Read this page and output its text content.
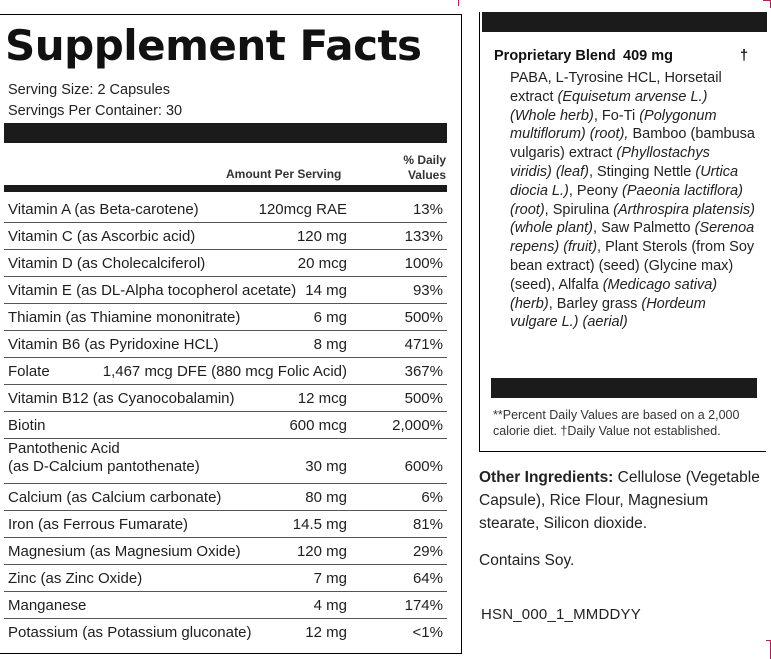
Supplement Facts
Serving Size: 2 Capsules
Servings Per Container: 30
Amount Per Serving
% Daily
Values
Vitamin A (as Beta-carotene)	120mcg RAE	13%
Vitamin C (as Ascorbic acid)	120 mg	133%
Vitamin D (as Cholecalciferol)	20 mcg	100%
Vitamin E (as DL-Alpha tocopherol acetate) 14 mg	93%
Thiamin (as Thiamine mononitrate)	6 mg	500%
Vitamin B6 (as Pyridoxine HCL)	8 mg	471%
Folate	1,467 mcg DFE (880 mcg Folic Acid)	367%
Vitamin B12 (as Cyanocobalamin)	12 mcg	500%
Biotin	600 mcg	2,000%
Pantothenic Acid
(as D-Calcium pantothenate)	30 mg	600%
Calcium (as Calcium carbonate)	80 mg	6%
Iron (as Ferrous Fumarate)	14.5 mg	81%
Magnesium (as Magnesium Oxide)	120 mg	29%
Zinc (as Zinc Oxide)	7 mg	64%
Manganese	4 mg	174%
Potassium (as Potassium gluconate)	12 mg	<1%
Proprietary Blend 409 mg	†
PABA, L-Tyrosine HCL, Horsetail extract (Equisetum arvense L.) (Whole herb), Fo-Ti (Polygonum multiflorum) (root), Bamboo (bambusa vulgaris) extract (Phyllostachys viridis) (leaf), Stinging Nettle (Urtica diocia L.), Peony (Paeonia lactiflora) (root), Spirulina (Arthrospira platensis) (whole plant), Saw Palmetto (Serenoa repens) (fruit), Plant Sterols (from Soy bean extract) (seed) (Glycine max) (seed), Alfalfa (Medicago sativa) (herb), Barley grass (Hordeum vulgare L.) (aerial)
**Percent Daily Values are based on a 2,000 calorie diet. †Daily Value not established.
Other Ingredients: Cellulose (Vegetable Capsule), Rice Flour, Magnesium stearate, Silicon dioxide.
Contains Soy.
HSN_000_1_MMDDYY
